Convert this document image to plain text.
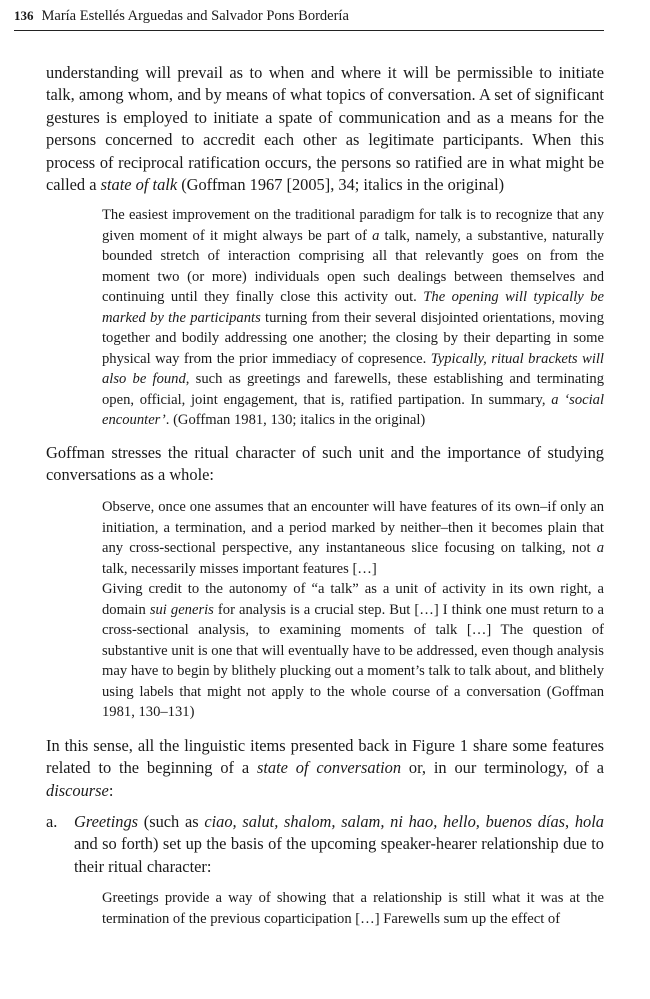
136 María Estellés Arguedas and Salvador Pons Bordería

understanding will prevail as to when and where it will be permissible to initiate talk, among whom, and by means of what topics of conversation. A set of significant gestures is employed to initiate a spate of communication and as a means for the persons concerned to accredit each other as legitimate participants. When this process of reciprocal ratification occurs, the persons so ratified are in what might be called a state of talk (Goffman 1967 [2005], 34; italics in the original)

The easiest improvement on the traditional paradigm for talk is to recognize that any given moment of it might always be part of a talk, namely, a substantive, naturally bounded stretch of interaction comprising all that relevantly goes on from the moment two (or more) individuals open such dealings between themselves and continuing until they finally close this activity out. The opening will typically be marked by the participants turning from their several disjointed orientations, moving together and bodily addressing one another; the closing by their departing in some physical way from the prior immediacy of copresence. Typically, ritual brackets will also be found, such as greetings and farewells, these establishing and terminating open, official, joint engagement, that is, ratified partipation. In summary, a ‘social encounter’. (Goffman 1981, 130; italics in the original)

Goffman stresses the ritual character of such unit and the importance of studying conversations as a whole:

Observe, once one assumes that an encounter will have features of its own–if only an initiation, a termination, and a period marked by neither–then it becomes plain that any cross-sectional perspective, any instantaneous slice focusing on talking, not a talk, necessarily misses important features […]

Giving credit to the autonomy of “a talk” as a unit of activity in its own right, a domain sui generis for analysis is a crucial step. But […] I think one must return to a cross-sectional analysis, to examining moments of talk […] The question of substantive unit is one that will eventually have to be addressed, even though analysis may have to begin by blithely plucking out a moment’s talk to talk about, and blithely using labels that might not apply to the whole course of a conversation (Goffman 1981, 130–131)

In this sense, all the linguistic items presented back in Figure 1 share some features related to the beginning of a state of conversation or, in our terminology, of a discourse:

a. Greetings (such as ciao, salut, shalom, salam, ni hao, hello, buenos días, hola and so forth) set up the basis of the upcoming speaker-hearer relationship due to their ritual character:

Greetings provide a way of showing that a relationship is still what it was at the termination of the previous coparticipation […] Farewells sum up the effect of
